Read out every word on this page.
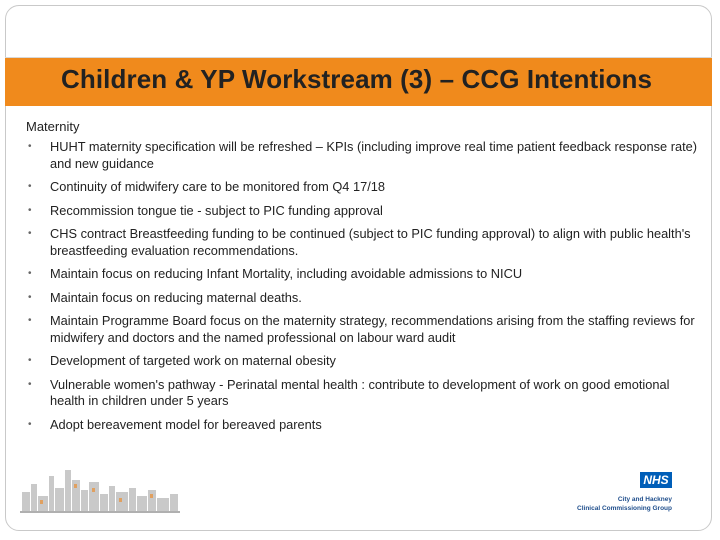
Children & YP Workstream (3) – CCG Intentions
Maternity
• HUHT maternity specification will be refreshed – KPIs (including improve real time patient feedback response rate) and new guidance
• Continuity of midwifery care to be monitored from Q4 17/18
• Recommission tongue tie - subject to PIC funding approval
• CHS contract Breastfeeding funding to be continued (subject to PIC funding approval) to align with public health's breastfeeding evaluation recommendations.
• Maintain focus on reducing Infant Mortality, including avoidable admissions to NICU
• Maintain focus on reducing maternal deaths.
• Maintain Programme Board focus on the maternity strategy, recommendations arising from the staffing reviews for midwifery and doctors and the named professional on labour ward audit
• Development of targeted work on maternal obesity
• Vulnerable women's pathway - Perinatal mental health : contribute to development of work on good emotional health in children under 5 years
• Adopt bereavement model for bereaved parents
NHS
City and Hackney
Clinical Commissioning Group
